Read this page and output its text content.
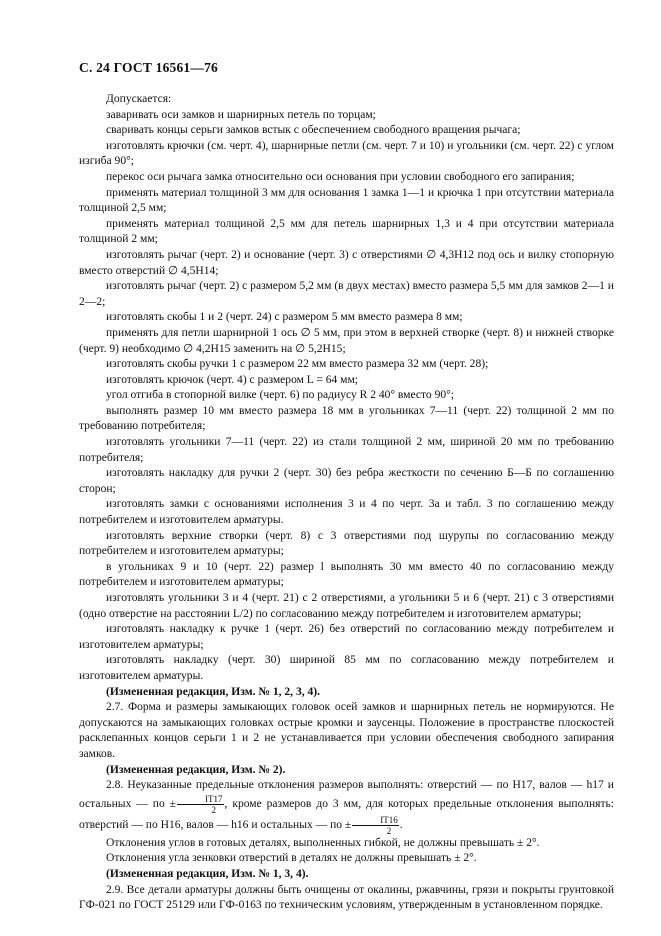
С. 24 ГОСТ 16561—76

Допускается:

заваривать оси замков и шарнирных петель по торцам;

сваривать концы серьги замков встык с обеспечением свободного вращения рычага;

изготовлять крючки (см. черт. 4), шарнирные петли (см. черт. 7 и 10) и угольники (см. черт. 22) с углом изгиба 90°;

перекос оси рычага замка относительно оси основания при условии свободного его запирания;

применять материал толщиной 3 мм для основания 1 замка 1—1 и крючка 1 при отсутствии материала толщиной 2,5 мм;

применять материал толщиной 2,5 мм для петель шарнирных 1,3 и 4 при отсутствии материала толщиной 2 мм;

изготовлять рычаг (черт. 2) и основание (черт. 3) с отверстиями ∅ 4,3Н12 под ось и вилку стопорную вместо отверстий ∅ 4,5Н14;

изготовлять рычаг (черт. 2) с размером 5,2 мм (в двух местах) вместо размера 5,5 мм для замков 2—1 и 2—2;

изготовлять скобы 1 и 2 (черт. 24) с размером 5 мм вместо размера 8 мм;

применять для петли шарнирной 1 ось ∅ 5 мм, при этом в верхней створке (черт. 8) и нижней створке (черт. 9) необходимо ∅ 4,2Н15 заменить на ∅ 5,2Н15;

изготовлять скобы ручки 1 с размером 22 мм вместо размера 32 мм (черт. 28);

изготовлять крючок (черт. 4) с размером L = 64 мм;

угол отгиба в стопорной вилке (черт. 6) по радиусу R 2 40° вместо 90°;

выполнять размер 10 мм вместо размера 18 мм в угольниках 7—11 (черт. 22) толщиной 2 мм по требованию потребителя;

изготовлять угольники 7—11 (черт. 22) из стали толщиной 2 мм, шириной 20 мм по требованию потребителя;

изготовлять накладку для ручки 2 (черт. 30) без ребра жесткости по сечению Б—Б по соглашению сторон;

изготовлять замки с основаниями исполнения 3 и 4 по черт. 3а и табл. 3 по соглашению между потребителем и изготовителем арматуры.

изготовлять верхние створки (черт. 8) с 3 отверстиями под шурупы по согласованию между потребителем и изготовителем арматуры;

в угольниках 9 и 10 (черт. 22) размер l выполнять 30 мм вместо 40 по согласованию между потребителем и изготовителем арматуры;

изготовлять угольники 3 и 4 (черт. 21) с 2 отверстиями, а угольники 5 и 6 (черт. 21) с 3 отверстиями (одно отверстие на расстоянии L/2) по согласованию между потребителем и изготовителем арматуры;

изготовлять накладку к ручке 1 (черт. 26) без отверстий по согласованию между потребителем и изготовителем арматуры;

изготовлять накладку (черт. 30) шириной 85 мм по согласованию между потребителем и изготовителем арматуры.

(Измененная редакция, Изм. № 1, 2, 3, 4).

2.7. Форма и размеры замыкающих головок осей замков и шарнирных петель не нормируются. Не допускаются на замыкающих головках острые кромки и заусенцы. Положение в пространстве плоскостей расклепанных концов серьги 1 и 2 не устанавливается при условии обеспечения свободного запирания замков.

(Измененная редакция, Изм. № 2).

2.8. Неуказанные предельные отклонения размеров выполнять: отверстий — по Н17, валов — h17 и остальных — по ± $\frac{IT17}{2}$ , кроме размеров до 3 мм, для которых предельные отклонения выполнять: отверстий — по Н16, валов — h16 и остальных — по ± $\frac{IT16}{2}$ .

Отклонения углов в готовых деталях, выполненных гибкой, не должны превышать ± 2°.

Отклонения угла зенковки отверстий в деталях не должны превышать ± 2°.

(Измененная редакция, Изм. № 1, 3, 4).

2.9. Все детали арматуры должны быть очищены от окалины, ржавчины, грязи и покрыты грунтовкой ГФ-021 по ГОСТ 25129 или ГФ-0163 по техническим условиям, утвержденным в установленном порядке.
